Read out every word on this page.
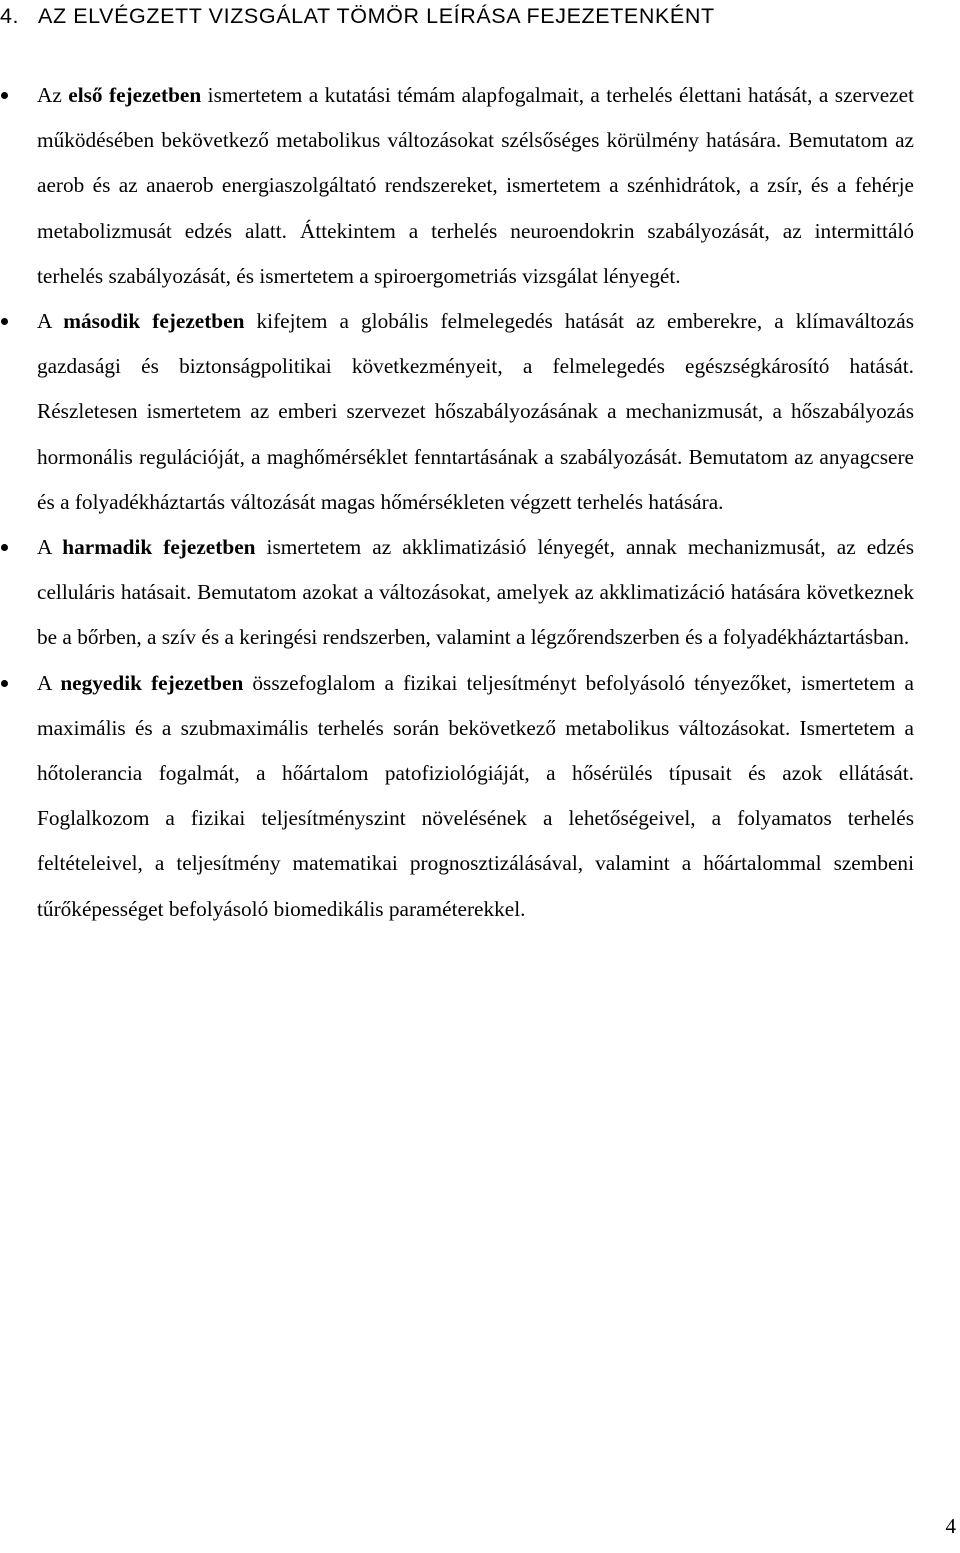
4. AZ ELVÉGZETT VIZSGÁLAT TÖMÖR LEÍRÁSA FEJEZETENKÉNT
Az első fejezetben ismertetem a kutatási témám alapfogalmait, a terhelés élettani hatását, a szervezet működésében bekövetkező metabolikus változásokat szélsőséges körülmény hatására. Bemutatom az aerob és az anaerob energiaszolgáltató rendszereket, ismertetem a szénhidrátok, a zsír, és a fehérje metabolizmusát edzés alatt. Áttekintem a terhelés neuroendokrin szabályozását, az intermittáló terhelés szabályozását, és ismertetem a spiroergometriás vizsgálat lényegét.
A második fejezetben kifejtem a globális felmelegedés hatását az emberekre, a klímaváltozás gazdasági és biztonságpolitikai következményeit, a felmelegedés egészségkárosító hatását. Részletesen ismertetem az emberi szervezet hőszabályozásának a mechanizmusát, a hőszabályozás hormonális regulációját, a maghőmérséklet fenntartásának a szabályozását. Bemutatom az anyagcsere és a folyadékháztartás változását magas hőmérsékleten végzett terhelés hatására.
A harmadik fejezetben ismertetem az akklimatizásió lényegét, annak mechanizmusát, az edzés celluláris hatásait. Bemutatom azokat a változásokat, amelyek az akklimatizáció hatására következnek be a bőrben, a szív és a keringési rendszerben, valamint a légzőrendszerben és a folyadékháztartásban.
A negyedik fejezetben összefoglalom a fizikai teljesítményt befolyásoló tényezőket, ismertetem a maximális és a szubmaximális terhelés során bekövetkező metabolikus változásokat. Ismertetem a hőtolerancia fogalmát, a hőártalom patofiziológiáját, a hősérülés típusait és azok ellátását. Foglalkozom a fizikai teljesítményszint növelésének a lehetőségeivel, a folyamatos terhelés feltételeivel, a teljesítmény matematikai prognosztizálásával, valamint a hőártalommal szembeni tűrőképességet befolyásoló biomedikális paraméterekkel.
4
